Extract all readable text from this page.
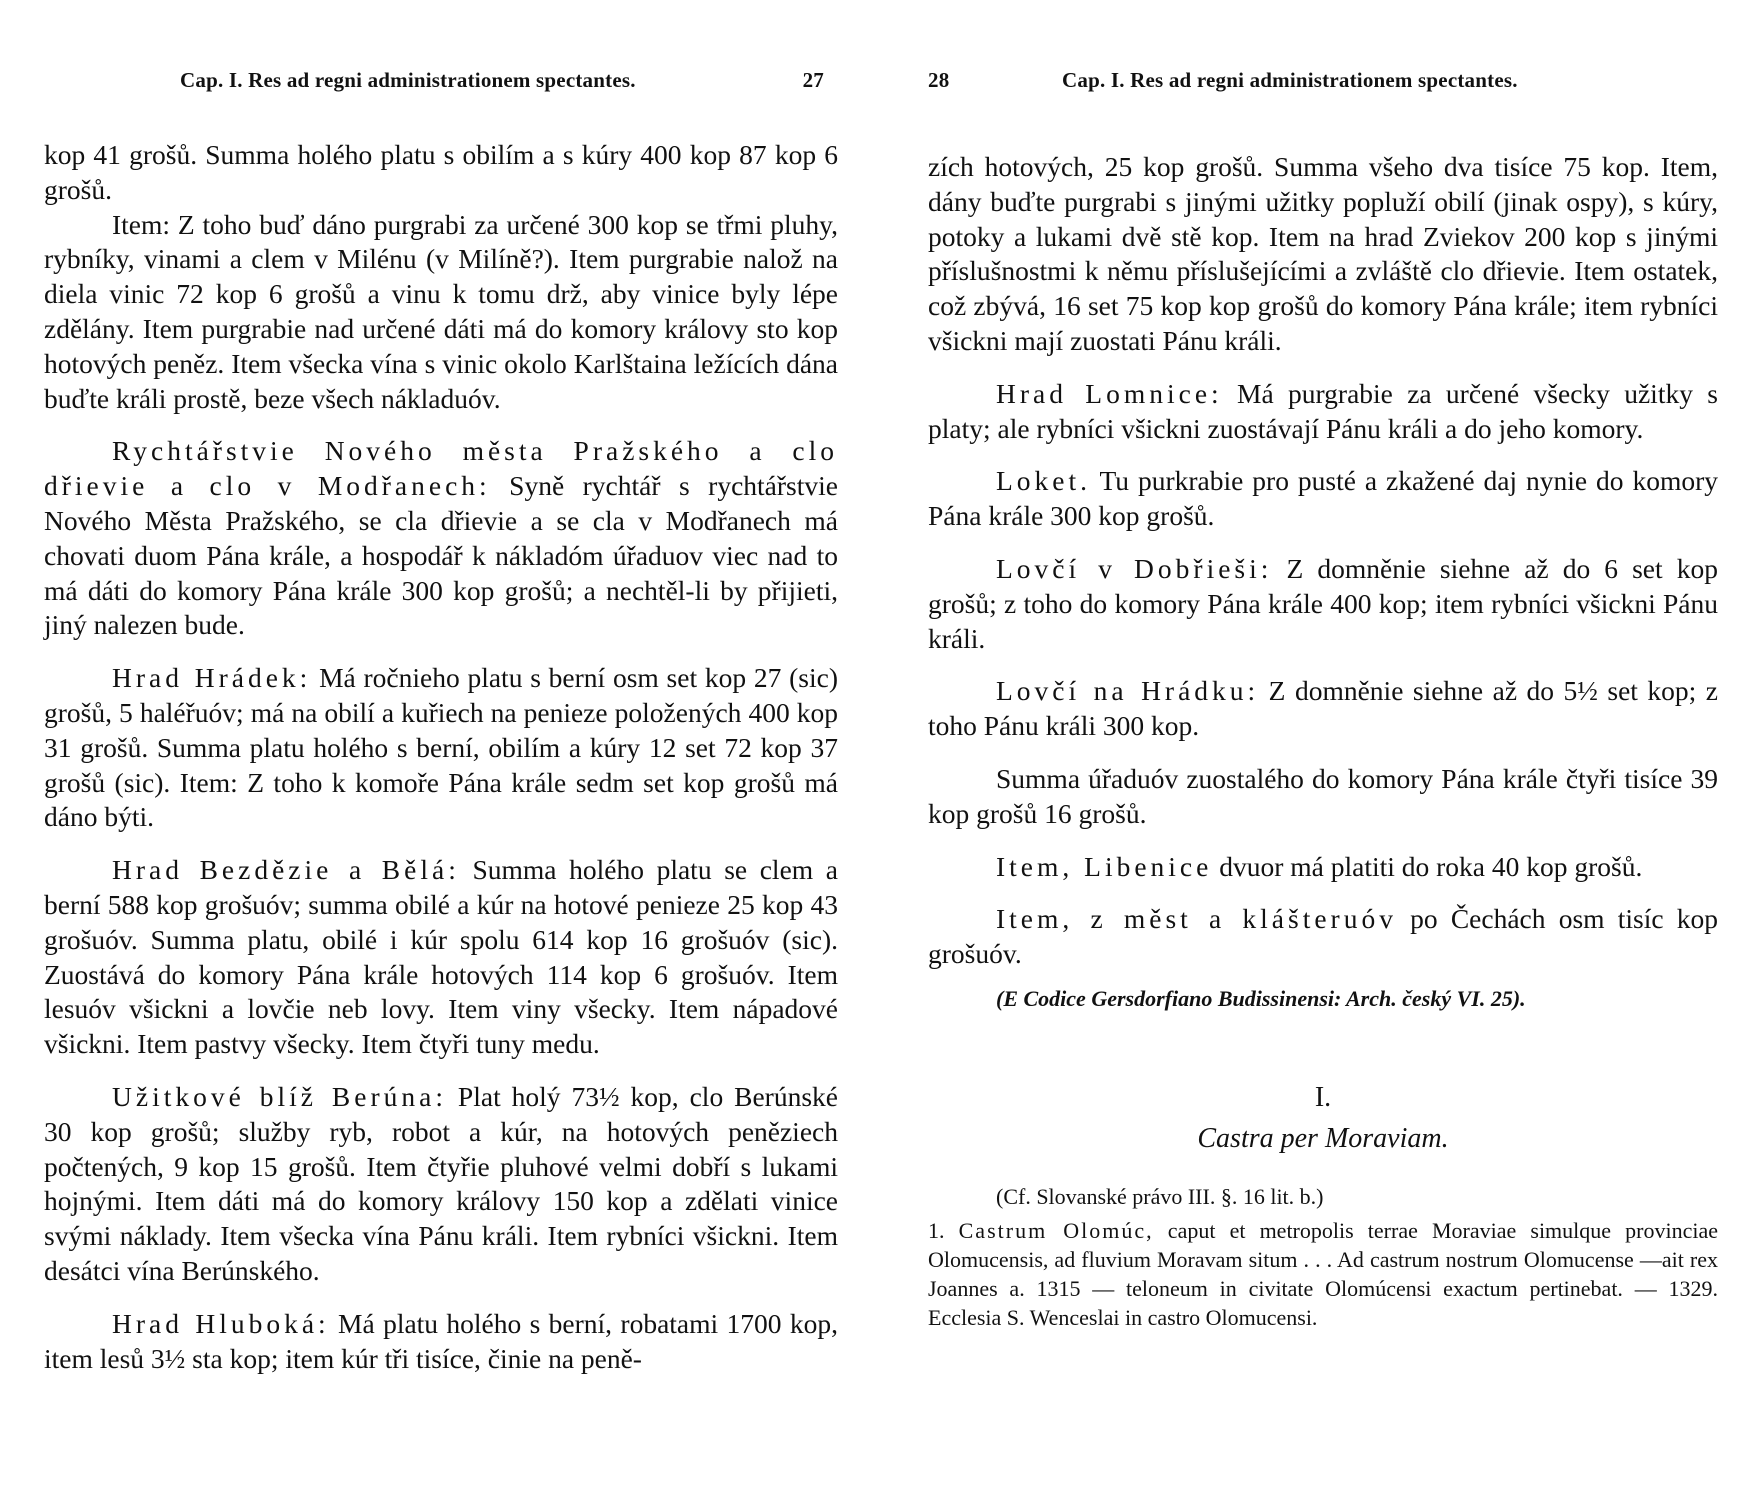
Cap. I. Res ad regni administrationem spectantes.	27

kop 41 grošů. Summa holého platu s obilím a s kúry 400 kop 87 kop 6 grošů.

Item: Z toho buď dáno purgrabi za určené 300 kop se třmi pluhy, rybníky, vinami a clem v Milénu (v Milíně?). Item purgrabie nalož na diela vinic 72 kop 6 grošů a vinu k tomu drž, aby vinice byly lépe zdělány. Item purgrabie nad určené dáti má do komory královy sto kop hotových peněz. Item všecka vína s vinic okolo Karlštaina ležících dána buďte králi prostě, beze všech nákladuóv.

Rychtářstvie Nového města Pražského a clo dřievie a clo v Modřanech: Syně rychtář s rychtářstvie Nového Města Pražského, se cla dřievie a se cla v Modřanech má chovati duom Pána krále, a hospodář k nákladóm úřaduov viec nad to má dáti do komory Pána krále 300 kop grošů; a nechtěl-li by přijieti, jiný nalezen bude.

Hrad Hrádek: Má ročnieho platu s berní osm set kop 27 (sic) grošů, 5 haléřuóv; má na obilí a kuřiech na penieze položených 400 kop 31 grošů. Summa platu holého s berní, obilím a kúry 12 set 72 kop 37 grošů (sic). Item: Z toho k komoře Pána krále sedm set kop grošů má dáno býti.

Hrad Bezdězie a Bělá: Summa holého platu se clem a berní 588 kop grošuóv; summa obilé a kúr na hotové penieze 25 kop 43 grošuóv. Summa platu, obilé i kúr spolu 614 kop 16 grošuóv (sic). Zuostává do komory Pána krále hotových 114 kop 6 grošuóv. Item lesuóv všickni a lovčie neb lovy. Item viny všecky. Item nápadové všickni. Item pastvy všecky. Item čtyři tuny medu.

Užitkové blíž Berúna: Plat holý 73½ kop, clo Berúnské 30 kop grošů; služby ryb, robot a kúr, na hotových peněziech počtených, 9 kop 15 grošů. Item čtyřie pluhové velmi dobří s lukami hojnými. Item dáti má do komory královy 150 kop a zdělati vinice svými náklady. Item všecka vína Pánu králi. Item rybníci všickni. Item desátci vína Berúnského.

Hrad Hluboká: Má platu holého s berní, robatami 1700 kop, item lesů 3½ sta kop; item kúr tři tisíce, činie na peně-

28	Cap. I. Res ad regni administrationem spectantes.

zích hotových, 25 kop grošů. Summa všeho dva tisíce 75 kop. Item, dány buďte purgrabi s jinými užitky popluží obilí (jinak ospy), s kúry, potoky a lukami dvě stě kop. Item na hrad Zviekov 200 kop s jinými příslušnostmi k němu příslušejícími a zvláště clo dřievie. Item ostatek, což zbývá, 16 set 75 kop kop grošů do komory Pána krále; item rybníci všickni mají zuostati Pánu králi.

Hrad Lomnice: Má purgrabie za určené všecky užitky s platy; ale rybníci všickni zuostávají Pánu králi a do jeho komory.

Loket. Tu purkrabie pro pusté a zkažené daj nynie do komory Pána krále 300 kop grošů.

Lovčí v Dobřieši: Z domněnie siehne až do 6 set kop grošů; z toho do komory Pána krále 400 kop; item rybníci všickni Pánu králi.

Lovčí na Hrádku: Z domněnie siehne až do 5½ set kop; z toho Pánu králi 300 kop.

Summa úřaduóv zuostalého do komory Pána krále čtyři tisíce 39 kop grošů 16 grošů.

Item, Libenice dvuor má platiti do roka 40 kop grošů.

Item, z měst a klášteruóv po Čechách osm tisíc kop grošuóv.

(E Codice Gersdorfiano Budissinensi: Arch. český VI. 25).

I.

Castra per Moraviam.

(Cf. Slovanské právo III. §. 16 lit. b.)

1. Castrum Olomúc, caput et metropolis terrae Moraviae simulque provinciae Olomucensis, ad fluvium Moravam situm . . . Ad castrum nostrum Olomucense —ait rex Joannes a. 1315 — teloneum in civitate Olomúcensi exactum pertinebat. — 1329. Ecclesia S. Wenceslai in castro Olomucensi.
